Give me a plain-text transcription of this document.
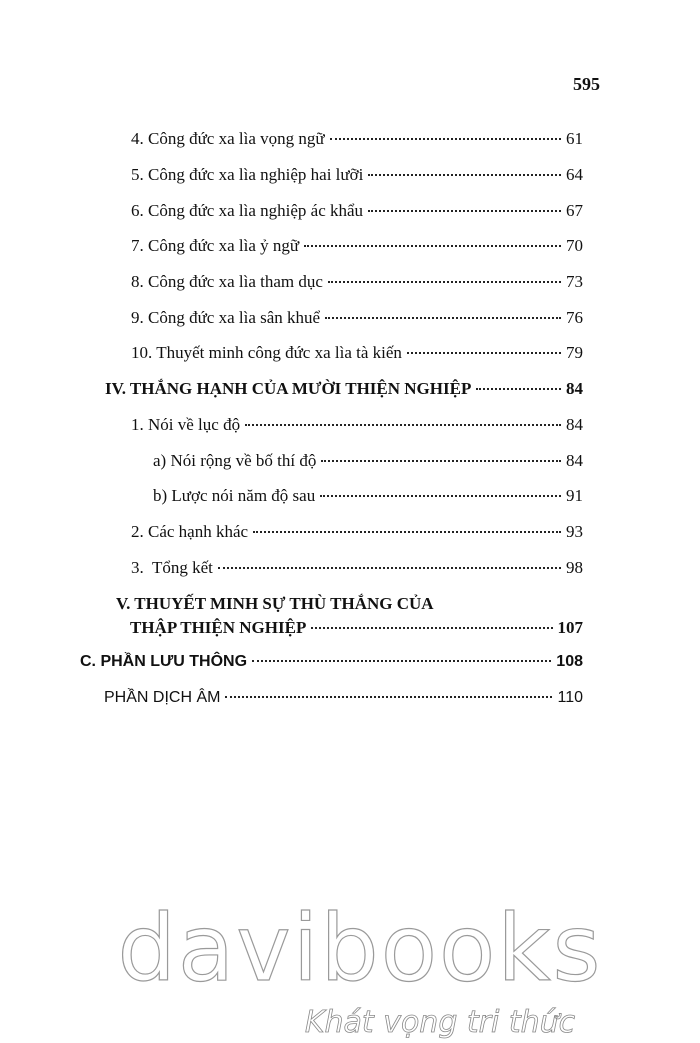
595
4. Công đức xa lìa vọng ngữ	61
5. Công đức xa lìa nghiệp hai lưỡi	64
6. Công đức xa lìa nghiệp ác khẩu	67
7. Công đức xa lìa ỷ ngữ	70
8. Công đức xa lìa tham dục	73
9. Công đức xa lìa sân khuể	76
10. Thuyết minh công đức xa lìa tà kiến	79
IV. THẮNG HẠNH CỦA MƯỜI THIỆN NGHIỆP	84
1. Nói về lục độ	84
a) Nói rộng về bố thí độ	84
b) Lược nói năm độ sau	91
2. Các hạnh khác	93
3.  Tổng kết	98
V. THUYẾT MINH SỰ THÙ THẮNG CỦA
THẬP THIỆN NGHIỆP	107
C. PHẦN LƯU THÔNG	108
PHẦN DỊCH ÂM	110
davibooks
Khát vọng tri thức
